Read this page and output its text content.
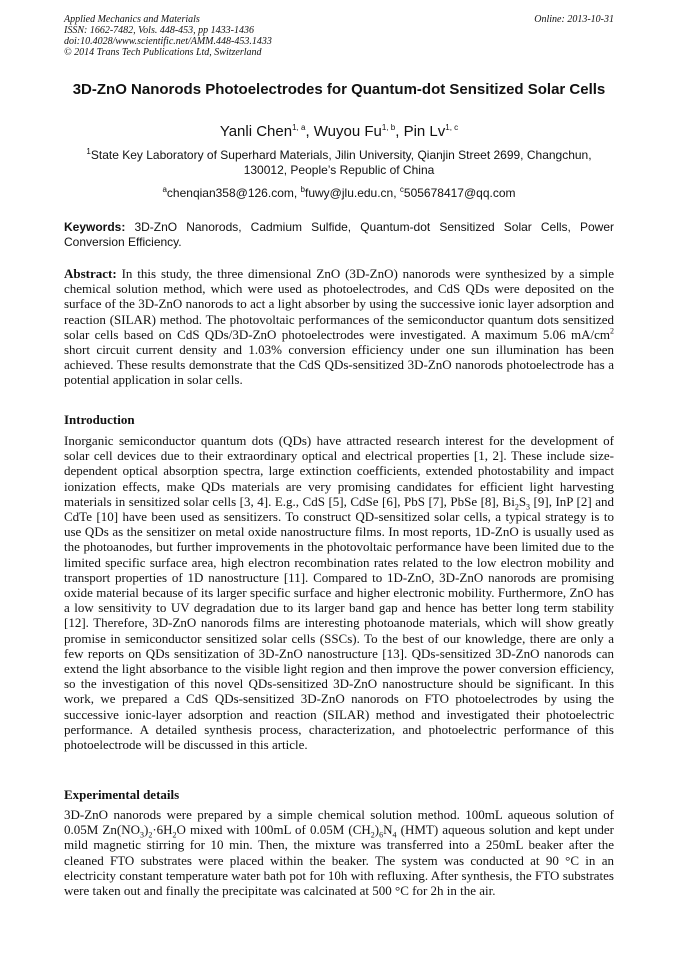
Applied Mechanics and Materials
ISSN: 1662-7482, Vols. 448-453, pp 1433-1436
doi:10.4028/www.scientific.net/AMM.448-453.1433
© 2014 Trans Tech Publications Ltd, Switzerland
Online: 2013-10-31
3D-ZnO Nanorods Photoelectrodes for Quantum-dot Sensitized Solar Cells
Yanli Chen$^{1, a}$, Wuyou Fu$^{1, b}$, Pin Lv$^{1, c}$
$^1$State Key Laboratory of Superhard Materials, Jilin University, Qianjin Street 2699, Changchun, 130012, People’s Republic of China
$^a$chenqian358@126.com, $^b$fuwy@jlu.edu.cn, $^c$505678417@qq.com
Keywords: 3D-ZnO Nanorods, Cadmium Sulfide, Quantum-dot Sensitized Solar Cells, Power Conversion Efficiency.
Abstract: In this study, the three dimensional ZnO (3D-ZnO) nanorods were synthesized by a simple chemical solution method, which were used as photoelectrodes, and CdS QDs were deposited on the surface of the 3D-ZnO nanorods to act a light absorber by using the successive ionic layer adsorption and reaction (SILAR) method. The photovoltaic performances of the semiconductor quantum dots sensitized solar cells based on CdS QDs/3D-ZnO photoelectrodes were investigated. A maximum 5.06 $mA/cm^2$ short circuit current density and 1.03% conversion efficiency under one sun illumination has been achieved. These results demonstrate that the CdS QDs-sensitized 3D-ZnO nanorods photoelectrode has a potential application in solar cells.
Introduction
Inorganic semiconductor quantum dots (QDs) have attracted research interest for the development of solar cell devices due to their extraordinary optical and electrical properties [1, 2]. These include size-dependent optical absorption spectra, large extinction coefficients, extended photostability and impact ionization effects, make QDs materials are very promising candidates for efficient light harvesting materials in sensitized solar cells [3, 4]. E.g., CdS [5], CdSe [6], PbS [7], PbSe [8], $Bi_2S_3$ [9], InP [2] and CdTe [10] have been used as sensitizers. To construct QD-sensitized solar cells, a typical strategy is to use QDs as the sensitizer on metal oxide nanostructure films. In most reports, 1D-ZnO is usually used as the photoanodes, but further improvements in the photovoltaic performance have been limited due to the limited specific surface area, high electron recombination rates related to the low electron mobility and transport properties of 1D nanostructure [11]. Compared to 1D-ZnO, 3D-ZnO nanorods are promising oxide material because of its larger specific surface and higher electronic mobility. Furthermore, ZnO has a low sensitivity to UV degradation due to its larger band gap and hence has better long term stability [12]. Therefore, 3D-ZnO nanorods films are interesting photoanode materials, which will show greatly promise in semiconductor sensitized solar cells (SSCs). To the best of our knowledge, there are only a few reports on QDs sensitization of 3D-ZnO nanostructure [13]. QDs-sensitized 3D-ZnO nanorods can extend the light absorbance to the visible light region and then improve the power conversion efficiency, so the investigation of this novel QDs-sensitized 3D-ZnO nanostructure should be significant. In this work, we prepared a CdS QDs-sensitized 3D-ZnO nanorods on FTO photoelectrodes by using the successive ionic-layer adsorption and reaction (SILAR) method and investigated their photoelectric performance. A detailed synthesis process, characterization, and photoelectric performance of this photoelectrode will be discussed in this article.
Experimental details
3D-ZnO nanorods were prepared by a simple chemical solution method. 100mL aqueous solution of 0.05M $Zn(NO_3)_2\cdot 6H_2O$ mixed with 100mL of 0.05M $(CH_2)_6N_4$ (HMT) aqueous solution and kept under mild magnetic stirring for 10 min. Then, the mixture was transferred into a 250mL beaker after the cleaned FTO substrates were placed within the beaker. The system was conducted at 90 °C in an electricity constant temperature water bath pot for 10h with refluxing. After synthesis, the FTO substrates were taken out and finally the precipitate was calcinated at 500 °C for 2h in the air.
